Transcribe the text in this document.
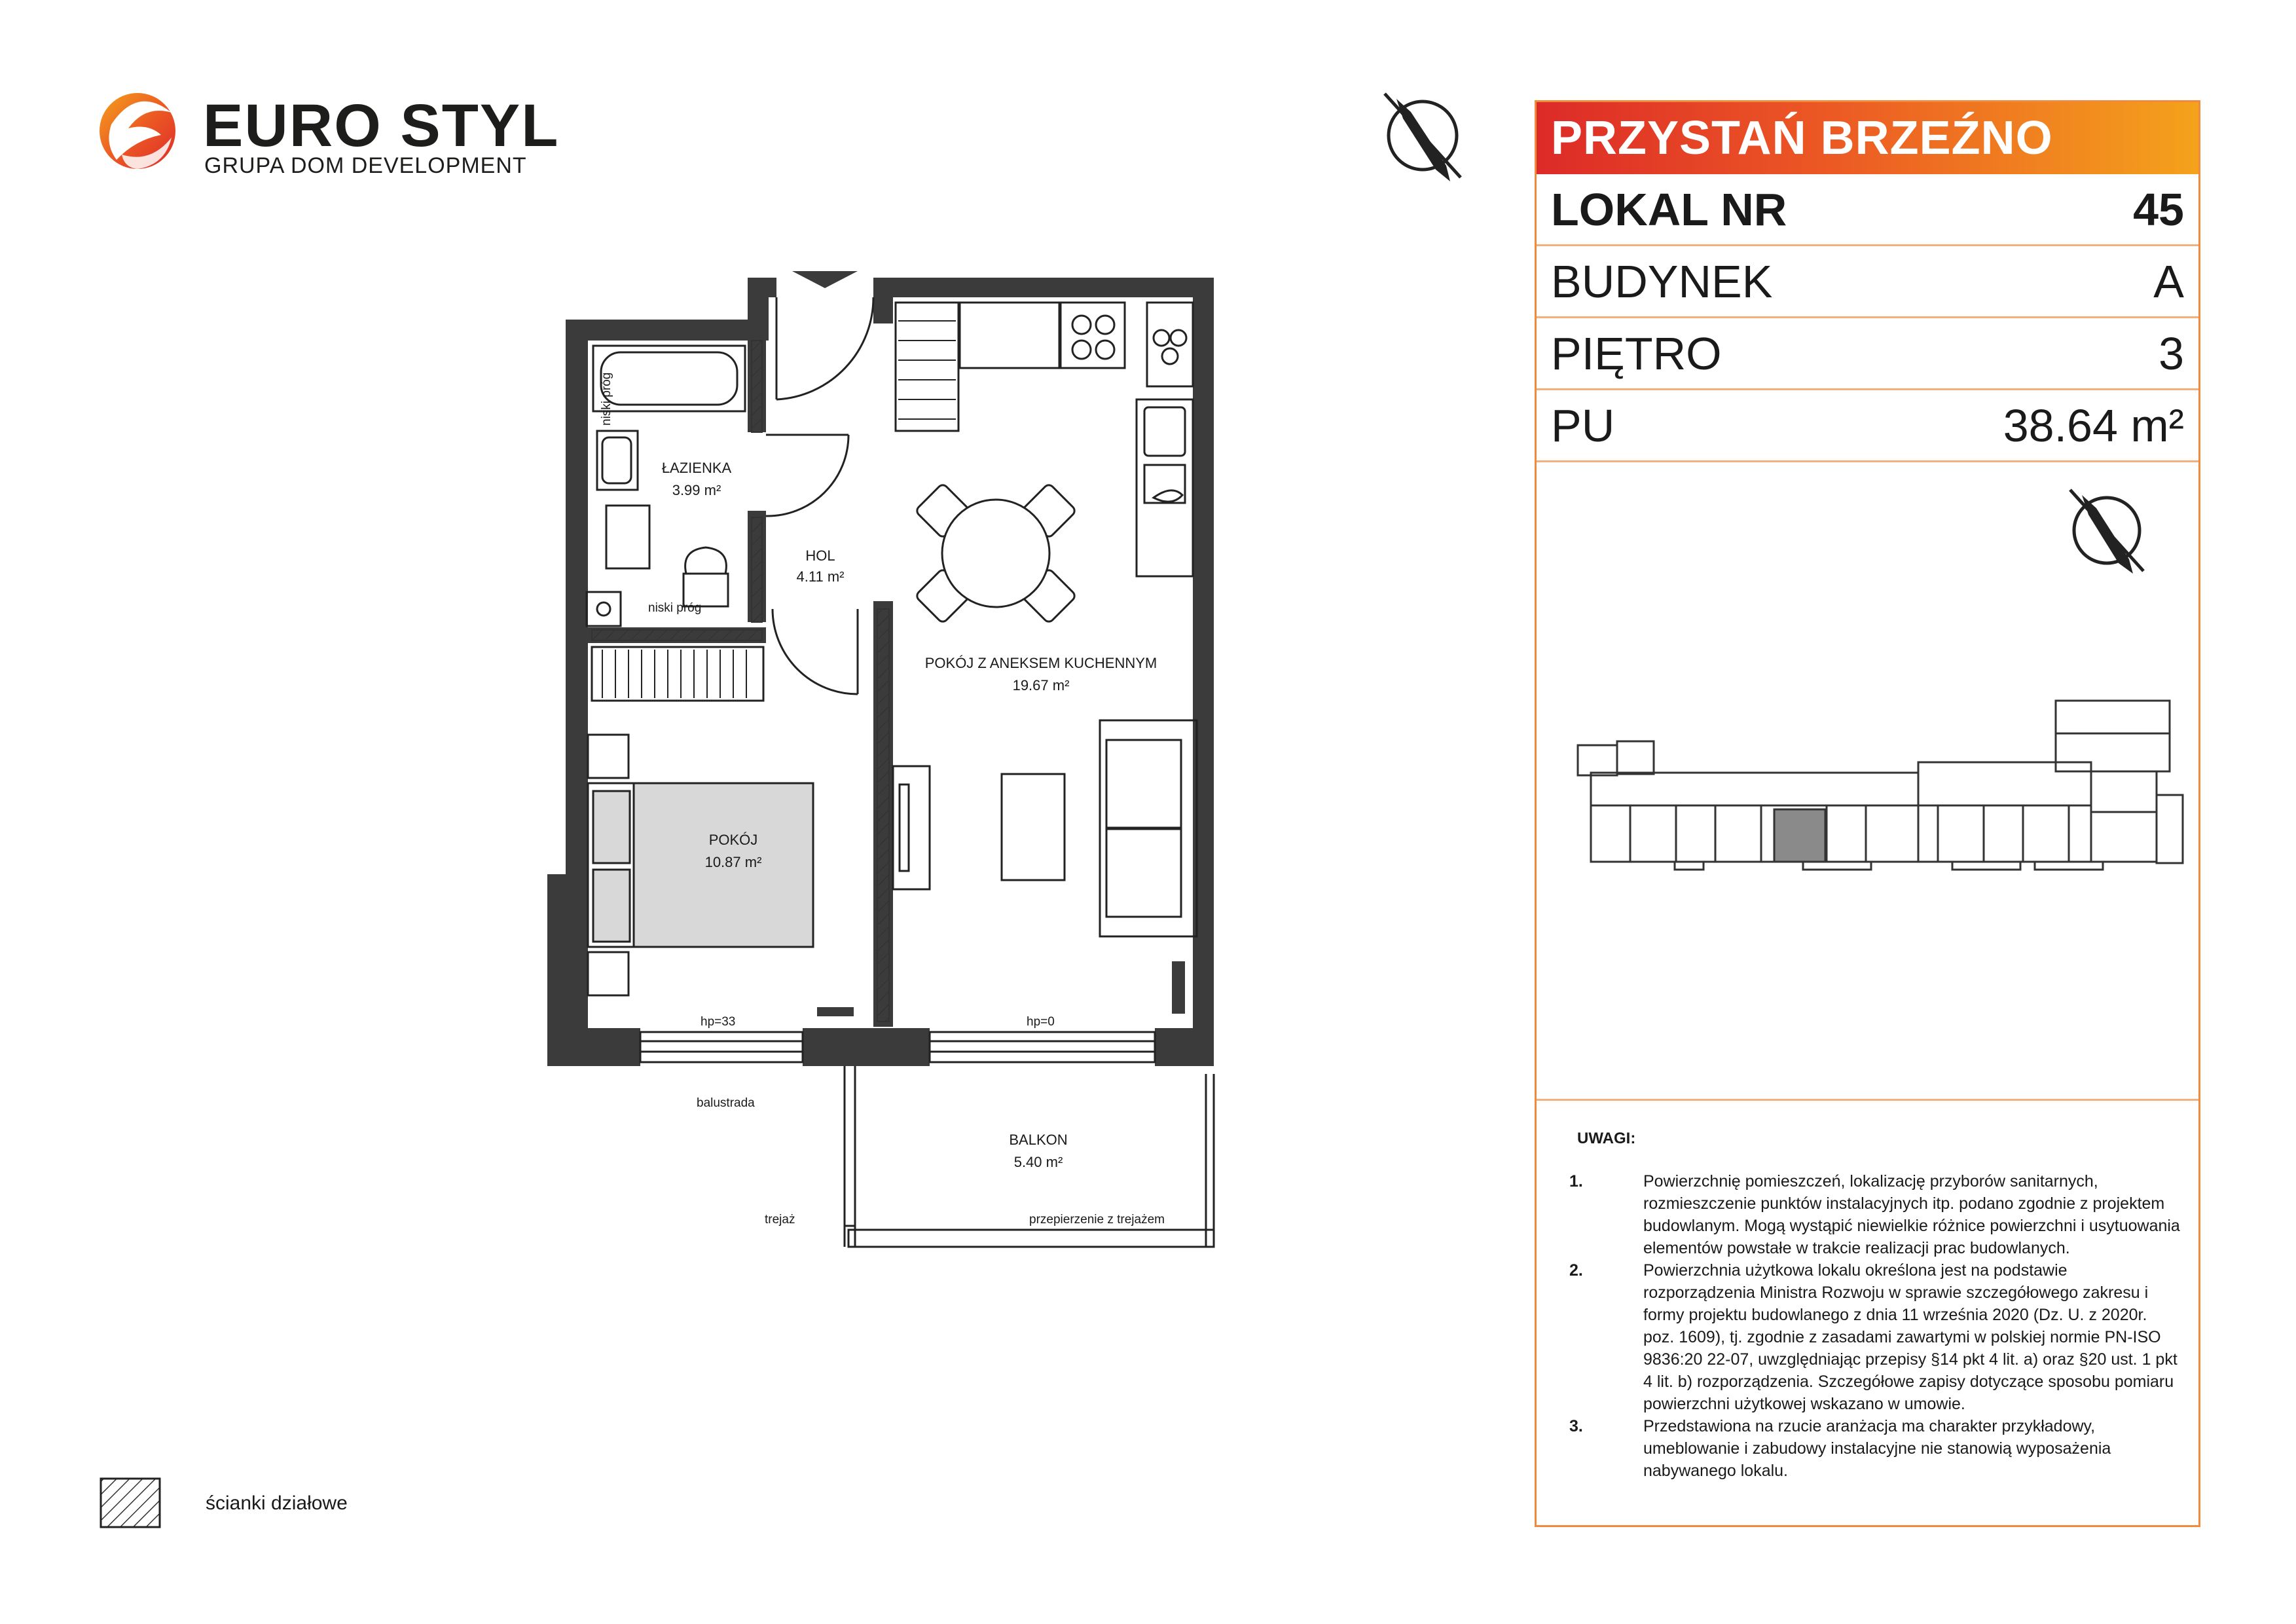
ŁAZIENKA
3.99 m²
HOL
4.11 m²
POKÓJ Z ANEKSEM KUCHENNYM
19.67 m²
POKÓJ
10.87 m²
BALKON
5.40 m²
niski próg
niski próg
hp=33	hp=0
balustrada
trejaż	przepierzenie z trejażem
EURO STYL
GRUPA DOM DEVELOPMENT
PRZYSTAŃ BRZEŹNO
LOKAL NR	45
BUDYNEK	A
PIĘTRO	3
PU	38.64 m²
UWAGI:
1.	Powierzchnię pomieszczeń, lokalizację przyborów sanitarnych, rozmieszczenie punktów instalacyjnych itp. podano zgodnie z projektem budowlanym. Mogą wystąpić niewielkie różnice powierzchni i usytuowania elementów powstałe w trakcie realizacji prac budowlanych.
2.	Powierzchnia użytkowa lokalu określona jest na podstawie rozporządzenia Ministra Rozwoju w sprawie szczegółowego zakresu i formy projektu budowlanego z dnia 11 września 2020 (Dz. U. z 2020r. poz. 1609), tj. zgodnie z zasadami zawartymi w polskiej normie PN-ISO 9836:20 22-07, uwzględniając przepisy §14 pkt 4 lit. a) oraz §20 ust. 1 pkt 4 lit. b) rozporządzenia. Szczegółowe zapisy dotyczące sposobu pomiaru powierzchni użytkowej wskazano w umowie.
3.	Przedstawiona na rzucie aranżacja ma charakter przykładowy, umeblowanie i zabudowy instalacyjne nie stanowią wyposażenia nabywanego lokalu.
ścianki działowe
